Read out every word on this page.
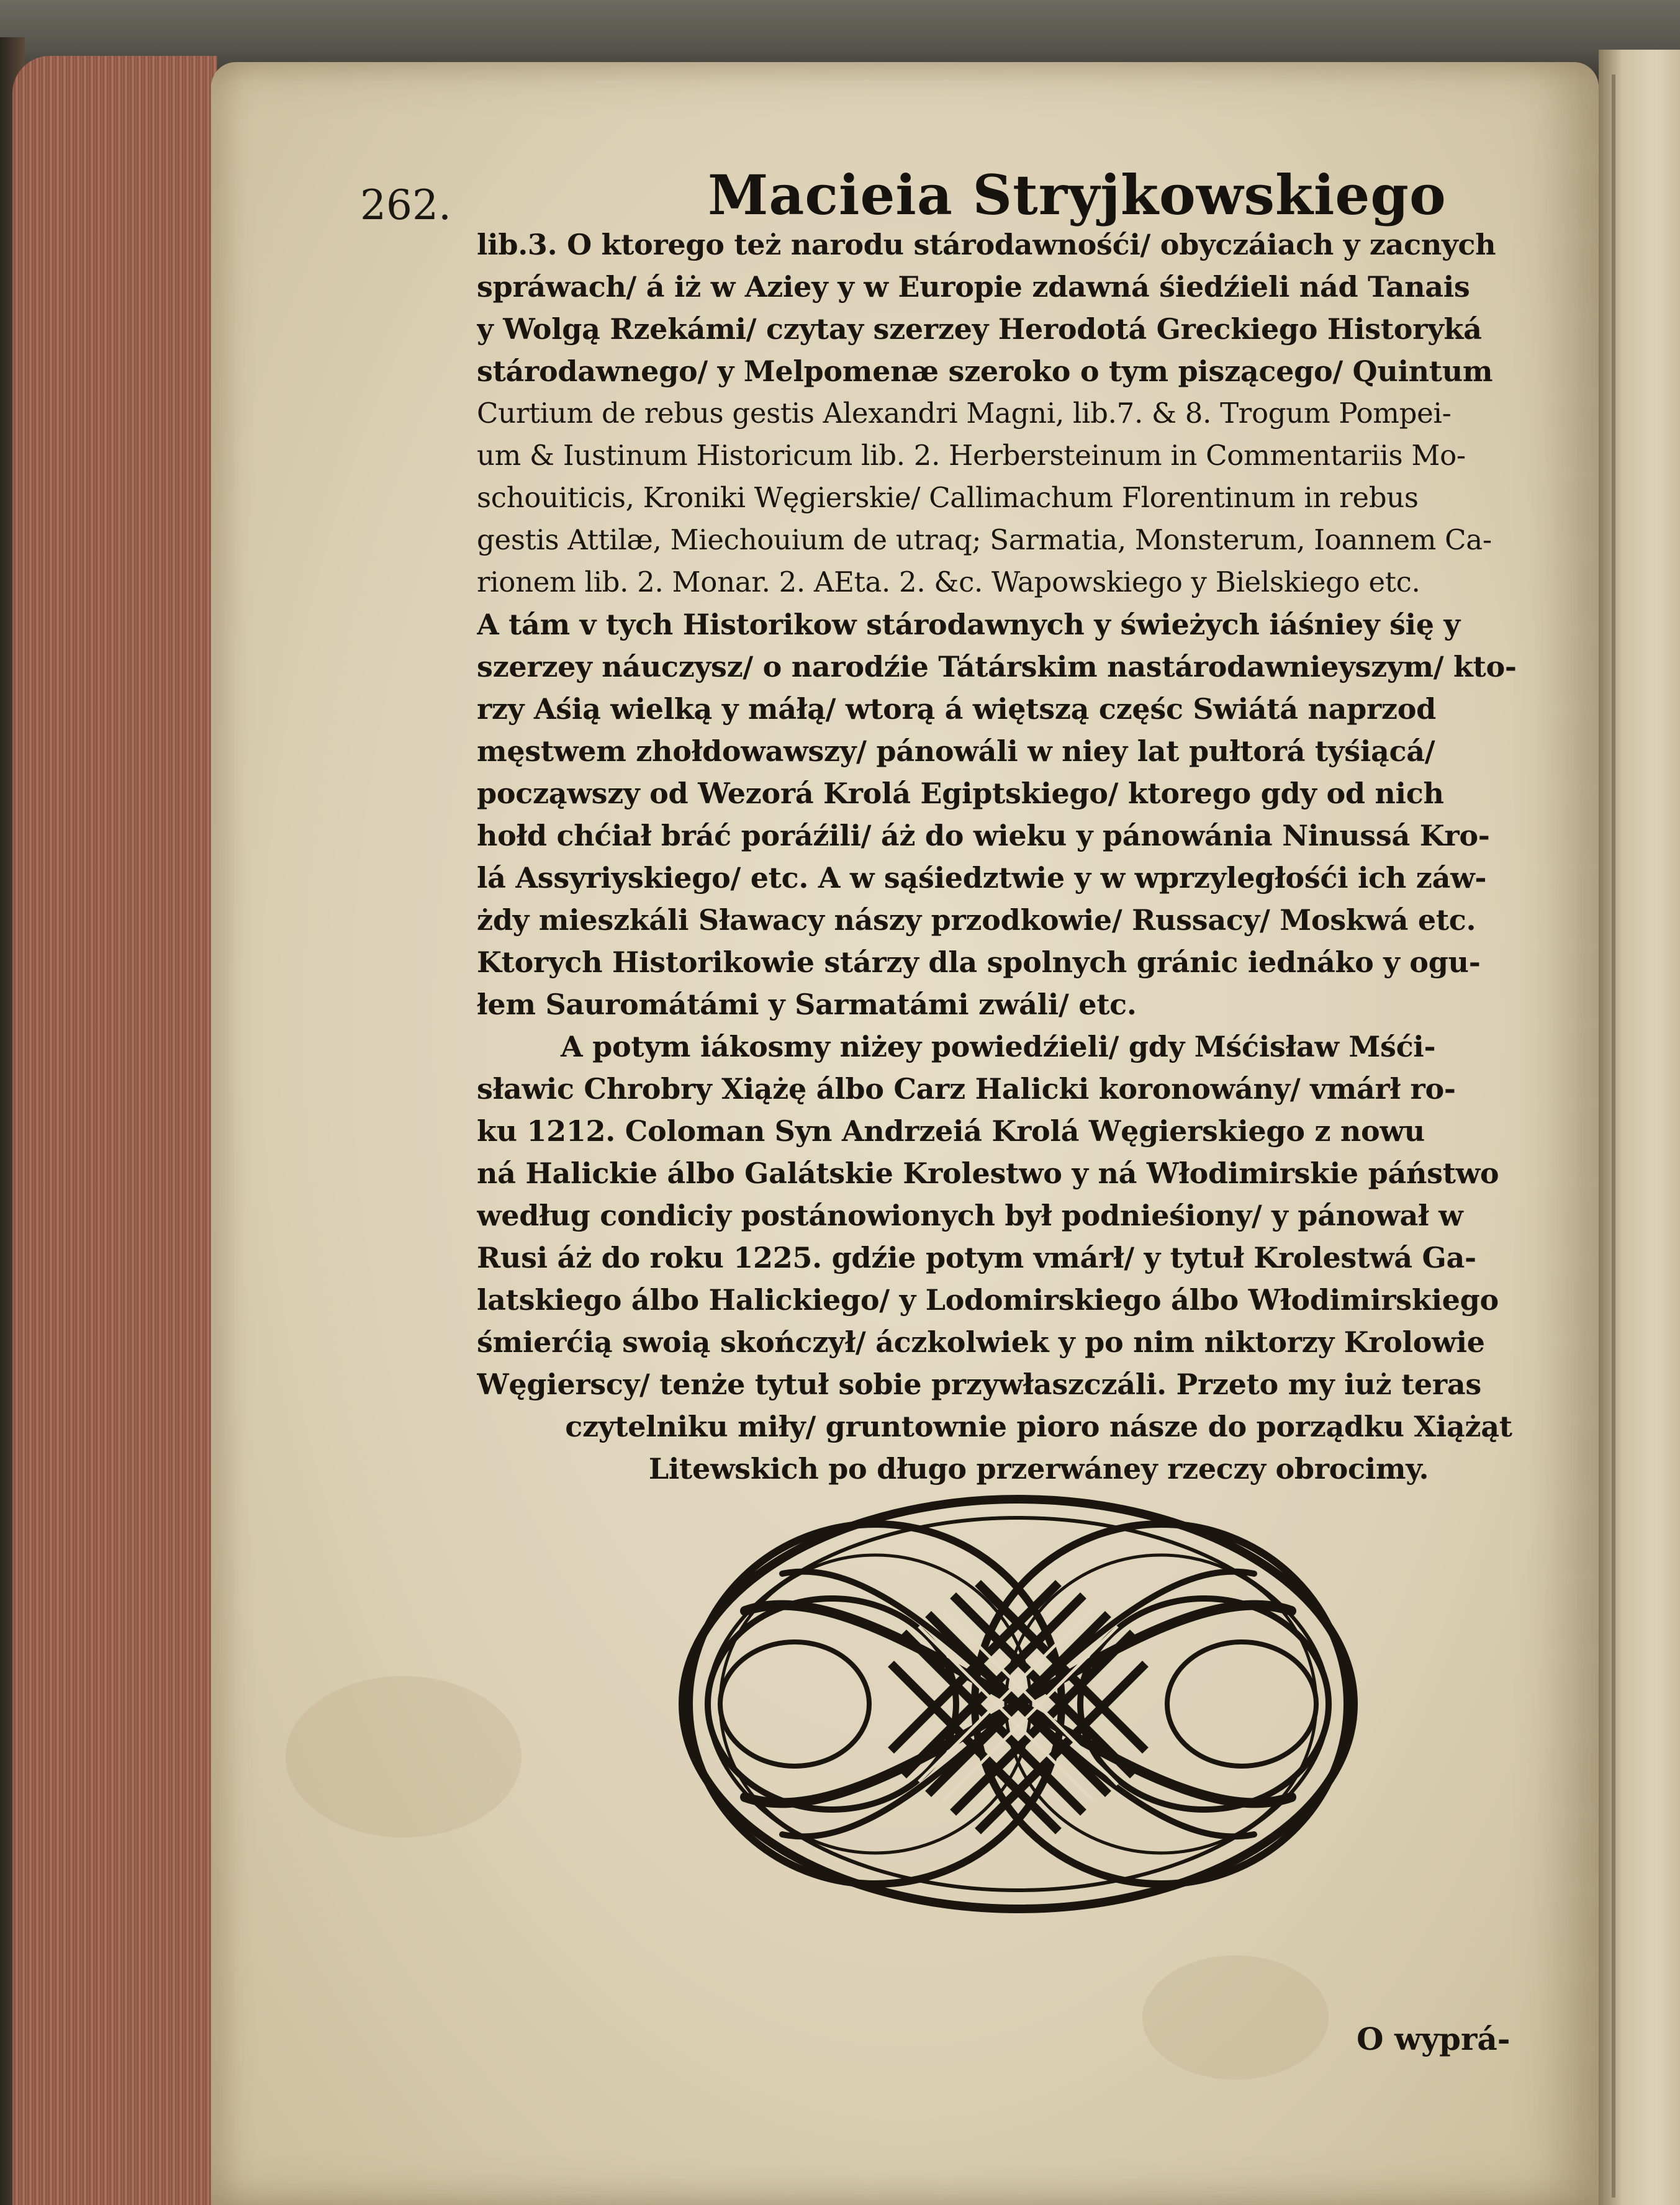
262.	Macieia Stryjkowskiego
lib.3. O ktorego też narodu stárodawnośći/ obyczáiach y zacnych
spráwach/ á iż w Aziey y w Europie zdawná śiedźieli nád Tanais
y Wolgą Rzekámi/ czytay szerzey Herodotá Greckiego Historyká
stárodawnego/ y Melpomenæ szeroko o tym piszącego/ Quintum
Curtium de rebus gestis Alexandri Magni, lib.7. & 8. Trogum Pompei-
um & Iustinum Historicum lib. 2. Herbersteinum in Commentariis Mo-
schouiticis, Kroniki Węgierskie/ Callimachum Florentinum in rebus
gestis Attilæ, Miechouium de utraq; Sarmatia, Monsterum, Ioannem Ca-
rionem lib. 2. Monar. 2. AEta. 2. &c. Wapowskiego y Bielskiego etc.
A tám v tych Historikow stárodawnych y świeżych iáśniey śię y
szerzey náuczysz/ o narodźie Tátárskim nastárodawnieyszym/ kto-
rzy Aśią wielką y máłą/ wtorą á więtszą częśc Swiátá naprzod
męstwem zhołdowawszy/ pánowáli w niey lat pułtorá tyśiącá/
począwszy od Wezorá Krolá Egiptskiego/ ktorego gdy od nich
hołd chćiał bráć poráźili/ áż do wieku y pánowánia Ninussá Kro-
lá Assyriyskiego/ etc. A w sąśiedztwie y w wprzyległośći ich záw-
żdy mieszkáli Sławacy nászy przodkowie/ Russacy/ Moskwá etc.
Ktorych Historikowie stárzy dla spolnych gránic iednáko y ogu-
łem Sauromátámi y Sarmatámi zwáli/ etc.
A potym iákosmy niżey powiedźieli/ gdy Mśćisław Mśći-
sławic Chrobry Xiążę álbo Carz Halicki koronowány/ vmárł ro-
ku 1212. Coloman Syn Andrzeiá Krolá Węgierskiego z nowu
ná Halickie álbo Galátskie Krolestwo y ná Włodimirskie páństwo
według condiciy postánowionych był podnieśiony/ y pánował w
Rusi áż do roku 1225. gdźie potym vmárł/ y tytuł Krolestwá Ga-
latskiego álbo Halickiego/ y Lodomirskiego álbo Włodimirskiego
śmierćią swoią skończył/ áczkolwiek y po nim niktorzy Krolowie
Węgierscy/ tenże tytuł sobie przywłaszczáli. Przeto my iuż teras
czytelniku miły/ gruntownie pioro násze do porządku Xiążąt
Litewskich po długo przerwáney rzeczy obrocimy.
O wyprá-
